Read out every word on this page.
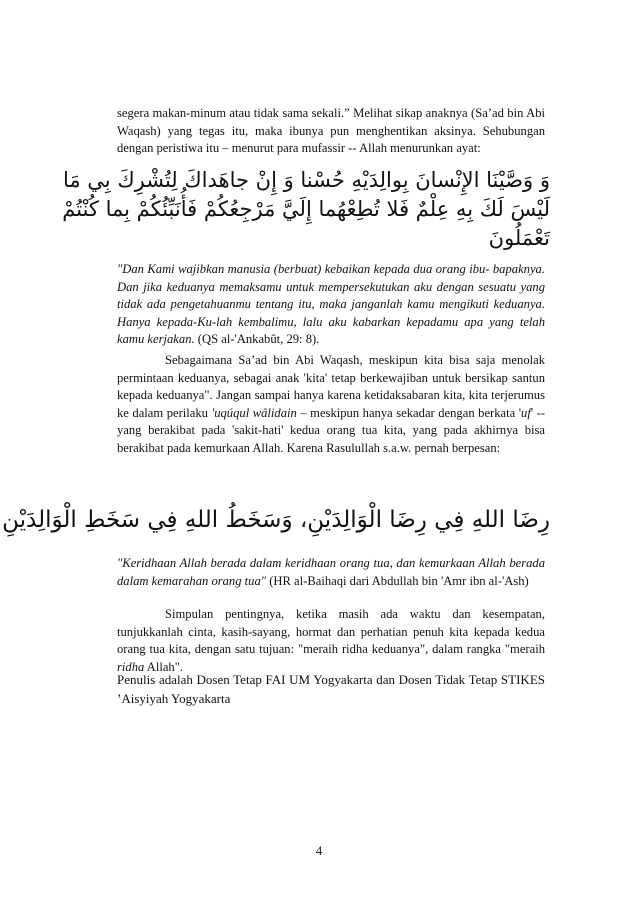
segera makan-minum atau tidak sama sekali.” Melihat sikap anaknya (Sa’ad bin Abi Waqash) yang tegas itu, maka ibunya pun menghentikan aksinya. Sehubungan dengan peristiwa itu – menurut para mufassir -- Allah menurunkan ayat:

وَ وَصَّيْنَا الإِنْسانَ بِوالِدَيْهِ حُسْنا وَ إِنْ جاهَداكَ لِتُشْرِكَ بِي مَا
لَيْسَ لَكَ بِهِ عِلْمٌ فَلا تُطِعْهُما إِلَيَّ مَرْجِعُكُمْ فَأُنَبِّئُكُمْ بِما كُنْتُمْ
تَعْمَلُونَ

"Dan Kami wajibkan manusia (berbuat) kebaikan kepada dua orang ibu- bapaknya. Dan jika keduanya memaksamu untuk mempersekutukan aku dengan sesuatu yang tidak ada pengetahuanmu tentang itu, maka janganlah kamu mengikuti keduanya. Hanya kepada-Ku-lah kembalimu, lalu aku kabarkan kepadamu apa yang telah kamu kerjakan. (QS al-'Ankabût, 29: 8).

Sebagaimana Sa’ad bin Abi Waqash, meskipun kita bisa saja menolak permintaan keduanya, sebagai anak 'kita' tetap berkewajiban untuk bersikap santun kepada keduanya". Jangan sampai hanya karena ketidaksabaran kita, kita terjerumus ke dalam perilaku 'uqúqul wâlidain – meskipun hanya sekadar dengan berkata 'uf' -- yang berakibat pada 'sakit-hati' kedua orang tua kita, yang pada akhirnya bisa berakibat pada kemurkaan Allah. Karena Rasulullah s.a.w. pernah berpesan:

رِضَا اللهِ فِي رِضَا الْوَالِدَيْنِ، وَسَخَطُ اللهِ فِي سَخَطِ الْوَالِدَيْنِ

"Keridhaan Allah berada dalam keridhaan orang tua, dan kemurkaan Allah berada dalam kemarahan orang tua" (HR al-Baihaqi dari Abdullah bin 'Amr ibn al-'Ash)

Simpulan pentingnya, ketika masih ada waktu dan kesempatan, tunjukkanlah cinta, kasih-sayang, hormat dan perhatian penuh kita kepada kedua orang tua kita, dengan satu tujuan: "meraih ridha keduanya", dalam rangka "meraih ridha Allah".

Penulis adalah Dosen Tetap FAI UM Yogyakarta dan Dosen Tidak Tetap STIKES ’Aisyiyah Yogyakarta

4
